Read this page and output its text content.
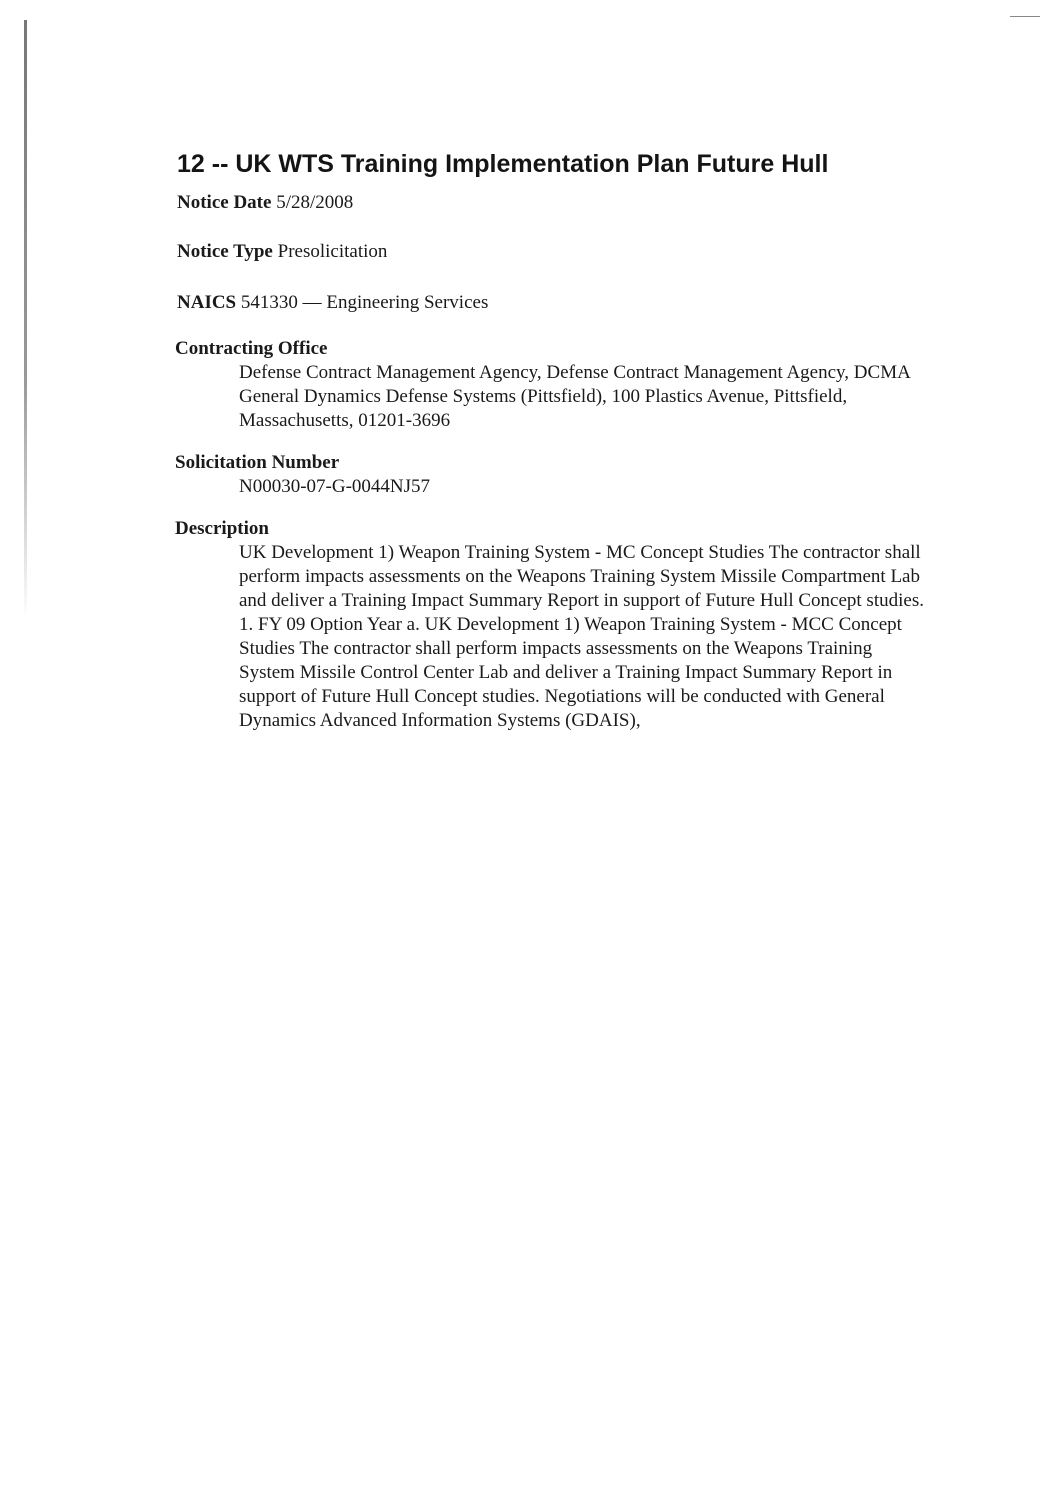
12 -- UK WTS Training Implementation Plan Future Hull
Notice Date 5/28/2008
Notice Type Presolicitation
NAICS 541330 — Engineering Services
Contracting Office
Defense Contract Management Agency, Defense Contract Management Agency, DCMA General Dynamics Defense Systems (Pittsfield), 100 Plastics Avenue, Pittsfield, Massachusetts, 01201-3696
Solicitation Number
N00030-07-G-0044NJ57
Description
UK Development 1) Weapon Training System - MC Concept Studies The contractor shall perform impacts assessments on the Weapons Training System Missile Compartment Lab and deliver a Training Impact Summary Report in support of Future Hull Concept studies. 1. FY 09 Option Year a. UK Development 1) Weapon Training System - MCC Concept Studies The contractor shall perform impacts assessments on the Weapons Training System Missile Control Center Lab and deliver a Training Impact Summary Report in support of Future Hull Concept studies. Negotiations will be conducted with General Dynamics Advanced Information Systems (GDAIS),
